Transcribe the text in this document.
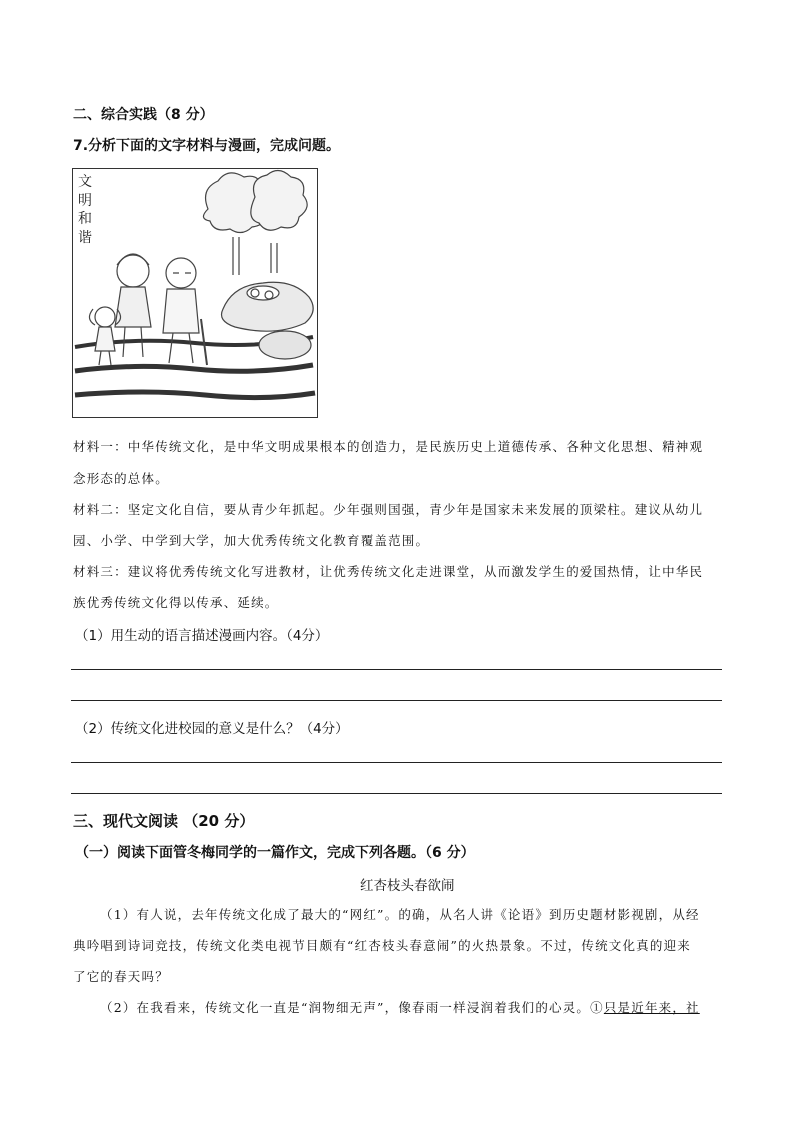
二、综合实践（8 分）
7.分析下面的文字材料与漫画，完成问题。
文
明
和
谐
材料一：中华传统文化，是中华文明成果根本的创造力，是民族历史上道德传承、各种文化思想、精神观
念形态的总体。
材料二：坚定文化自信，要从青少年抓起。少年强则国强，青少年是国家未来发展的顶梁柱。建议从幼儿
园、小学、中学到大学，加大优秀传统文化教育覆盖范围。
材料三：建议将优秀传统文化写进教材，让优秀传统文化走进课堂，从而激发学生的爱国热情，让中华民
族优秀传统文化得以传承、延续。
（1）用生动的语言描述漫画内容。（4分）
（2）传统文化进校园的意义是什么？（4分）
三、现代文阅读 （20 分）
（一）阅读下面管冬梅同学的一篇作文，完成下列各题。（6 分）
红杏枝头春欲闹
（1）有人说，去年传统文化成了最大的“网红”。的确，从名人讲《论语》到历史题材影视剧，从经
典吟唱到诗词竞技，传统文化类电视节目颇有“红杏枝头春意闹”的火热景象。不过，传统文化真的迎来
了它的春天吗？
（2）在我看来，传统文化一直是“润物细无声”，像春雨一样浸润着我们的心灵。①只是近年来，社
